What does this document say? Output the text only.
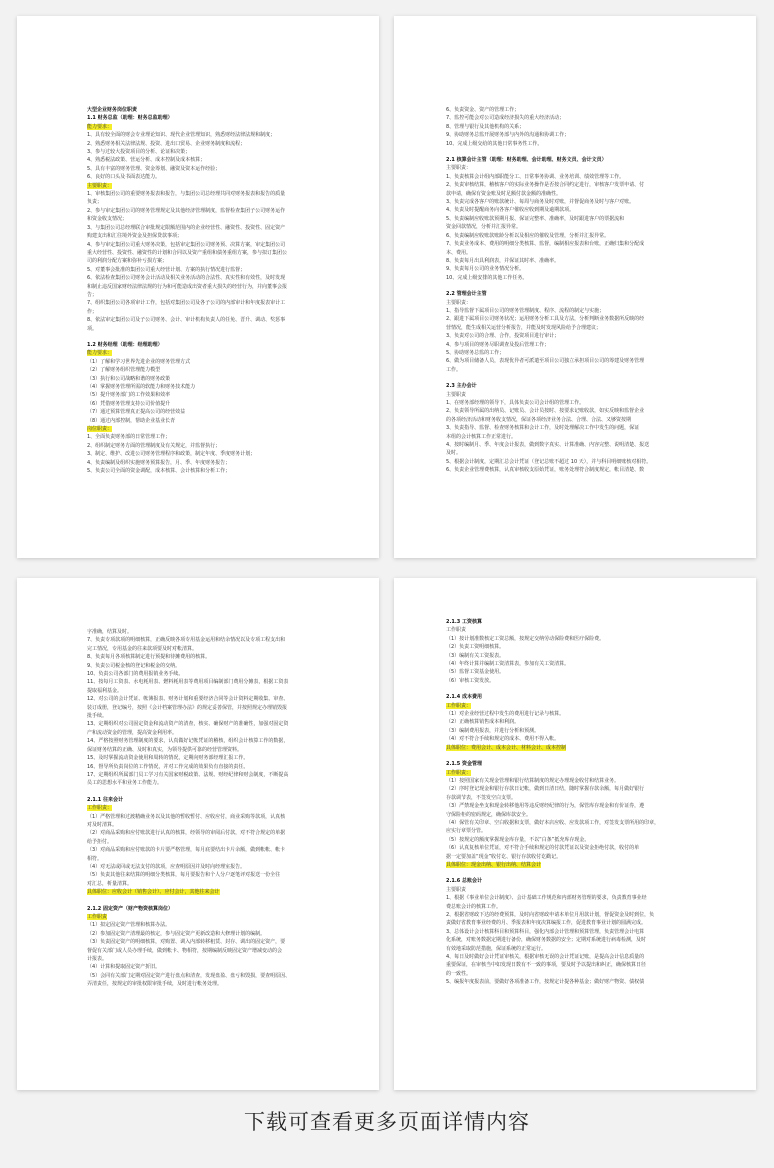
大型企业财务岗位职责

1.1 财务总监（助理：财务总监助理）

能力要求：

1、具有较全面的财会专业理论知识、现代企业管理知识，熟悉财经法律法规和制度；

2、熟悉财务相关法律法规、投资、进出口贸易、企业财务制度和流程；

3、参与过较大投资项目的分析、论证和决策；

4、熟悉税法政策、营运分析、成本控制及成本核算；

5、具有丰富的财务管理、资金筹划、融资及资本运作经验；

6、良好的口头及书面表达能力。

主要职责：

1、审核集团公司的重要财务报表和报告，与集团公司总经理共同对财务报表和报告的质量

负责；

2、参与审定集团公司的财务管理规定及其他经济管理制度，监督检查集团子公司财务运作

和资金收支情况；

3、与集团公司总经理联合审批规定限额范围内的企业经营性、融资性、投资性、固定资产

购建支出和汇往境外资金及担保贷款事项；

4、参与审定集团公司重大财务决策，包括审定集团公司财务预、决算方案，审定集团公司

重大经营性、投资性、融资性的计划和合同以及资产重组和债务重组方案，参与拟订集团公

司的利润分配方案和弥补亏损方案；

5、对董事会批准的集团公司重大经营计划、方案的执行情况进行监督；

6、依法检查集团公司财务会计活动及相关业务活动的合法性、真实性和有效性，及时发现

和制止违反国家财经法律法规的行为和可能造成出资者重大损失的经营行为，并向董事会报

告；

7、组织集团公司各项审计工作，包括对集团公司及各子公司的内部审计和年度报表审计工

作；

8、依法审定集团公司及子公司财务、会计、审计机构负责人的任免、晋升、调动、奖惩事

项。

1.2 财务经理（助理：经理助理）

能力要求：

（1）了解和学习世界先进企业的财务管理方式

（2）了解财务组织管理能力模型

（3）执行和公司战略和谐的财务政策

（4）掌握财务管理所需的软能力和财务技术能力

（5）提升财务部门的工作效果和效率

（6）凭借财务管理支持公司价值提升

（7）通过预算管理真正提高公司的经营效益

（8）通过内部控制，帮助企业基业长青

岗位职责：

1、全面负责财务部的日常管理工作；

2、组织制定财务方面的管理制度及有关规定，并监督执行；

3、制定、维护、改进公司财务管理程序和政策，制定年度、季度财务计划；

4、负责编制及组织实施财务预算报告，月、季、年度财务报告；

5、负责公司全面的资金调配，成本核算、会计核算和分析工作；

6、负责资金、资产的管理工作；

7、监控可能会对公司造成经济损失的重大经济活动；

8、管理与银行及其他机构的关系；

9、协助财务总监开展财务部与内外的沟通和协调工作；

10、完成上级交给的其他日常事务性工作。

2.1 核算会计主管（助理：财务助理、会计助理、财务文员、会计文员）

主要职责：

1、负责核算会计组内部职能分工、日常事务协调、业务培训、绩效管理等工作。

2、负责审核结算，稽核客户的实际业务操作是否按合同约定进行，审核客户发票申请、付

款申请，确保有资金账及时足额付款金额的准确性。

3、负责完成各客户的账款统计、每周与商务及时对账，并督促商务及时与客户对账。

4、负责及时提醒商务向各客户催收应收到期及逾期款项。

5、负责编制应收账款预期月报、保证完整率、准确率，及时跟进客户的票据流和

资金回款情况，分析并汇报异常。

6、负责编制应收账款账龄分析以及相应的催收及管理，分析并汇报异常。

7、负责业务成本、费用的明细分类核算、监督，编制相应报表和台账，正确归集和分配成

本、费用。

8、负责每月出具利润表，并保证其时率、准确率。

9、负责每月公司的业务情况分析。

10、完成上级安排的其他工作任务。

2.2 管理会计主管

主要职责：

1、指导监督下属项目公司的财务管理制度、程序、流程的制定与实施；

2、跟进下属项目公司财务状况；运用财务分析工具及方法，分析判断业务数据所反映的经

营情况，能生成相关运营分析报告，并能及时发现风险给予合理建议；

3、负责对公司的合理、合作，投资项目进行审计；

4、参与项目的财务尽职调查及投后管理工作；

5、协助财务总监的工作；

6、做为项目储备人员，表现优异者可派遣至项目公司独立承担项目公司的筹建及财务管理

工作。

2.3 主办会计

主要职责

1、在财务部经理的领导下，具体负责公司会计组的管理工作。

2、负责领导所属的出纳员、记账员、会计员按时、按要求记账收款，如实反映和监督企业

的各项经济活动和财务收支情况，保证各项经济业务合法、合理、合法、又够资按期

3、负责指导、监督、检查财务核算和会计工作，及时处理解决工作中发生的问题，保证

本组的会计核算工作正常进行。

4、按时编制月、季、年度会计报表，做到数字真实、计算准确、内容完整、说明清楚、报送

及时。

5、根据会计制度，定期汇总会计凭证（登记总账不超过 10 天），并与科目明细账核对相符。

6、负责企业管理费核算，认真审核收支原始凭证，账务处理符合制度规定，帐目清楚、数

字准确，结算及时。

7、负责专项款项的明细核算，正确反映各项专用基金运用和结余情况以及专项工程支出和

完工情况，专用基金的往来款项要及时对帐清算。

8、负责每月各项核算制定进行预提和待摊费用的核算。

9、负责公司税金核的登记和税金的交纳。

10、负责公司各部门的费用报销业务手续。

11、按每月工资表、水电耗用表、燃料耗用表等费用项目编制部门费用分摊表，根据工资表

提取福利基金。

12、对公司的会计凭证、帐簿报表、财务计划和重要经济合同等会计资料定期收集、审查、

装订成册，登记编号，按照《会计档案管理办法》的规定妥善保管，并按照规定办理销毁报

批手续。

13、定期组织对公司固定资金和流动资产的清查，核实、确保财产的准确性，加强对固定资

产和流动资金的管理，提高资金利用率。

14、严格按照财务管理制度的要求，认真做好记帐凭证的稽核，组织会计核算工作的数据，

保证财务结算的正确、及时和真实，为领导提供可靠的经营管理资料。

15、及时掌握流动资金使用和周转的情况，定期向财务部经理汇报工作。

16、督导所负责岗位的工作情况，并对工作完成的效果负有直接的责任。

17、定期组织所属部门员工学习有关国家财税政策、法规、财经纪律和财会制度，不断提高

员工的思想水平和业务工作能力。

2.1.1 往来会计

工作职责：

（1）严格管理和过渡精确业务以及其他的暂收暂付、应收应付，商业采购等款项，认真核

对及时清算。

（2）对商品采购和应付账款进行认真的核算，经领导的审阅后付款，对不符合规定的单据

给予拒付。

（3）对商品采购和应付账款的卡片要严格管理，每月底要结出卡片余额，做到帐帐、帐卡

相符。

（4）对无法或回或无法支付的款项，应查明原因并及时向经理室报告。

（5）负责其他往来结算的明细分类核算，每月要报告和个人分户逐笔评对报送一份全往

对汇总，析量清算。

具体职位：应收会计（销售会计）、应付会计，其他往来会计

2.1.2 固定资产（财产物资核算岗位）

工作职责

（1）拟定固定资产管理和核算办法。

（2）参加固定资产清理最的核定，参与固定资产更新改造和大修理计划的编制。

（3）负责固定资产的明细核算，对购置、调入内部转移租赁、封存、调出的固定资产，要

督促有关部门或人员办理手续，做到帐卡、物相符，按期编制反映固定资产增减变动的会

计报表。

（4）计算和提取固定资产折旧。

（5）会同有关部门定期对固定资产进行盘点和清查，发现盘盈、盘亏和毁损，要查明原因、

弄清责任，按规定的审批权限审批手续，及时进行帐务处理。

2.1.3 工资核算

工作职责

（1）按计划准数核定工资总额，按规定交纳劳动保险费和医疗保险费。

（2）负责工资明细核算。

（3）编制有关工资报表。

（4）年终计算并编制工资清算表，参加有关工资清算。

（5）监督工资基金使用。

（6）审核工资发放。

2.1.4 成本费用

工作职责：

（1）对企业经营过程中发生的费用进行记录与核算。

（2）正确核算销售成本和利润。

（3）编制费用报表，并进行分析和预测。

（4）对不符合手续和规定的成本、费用不得入帐。

具体职位：费用会计、成本会计、材料会计、成本控制

2.1.5 资金管理

工作职责：

（1）按照国家有关现金管理和银行结算制度的规定办理现金收付和结算业务。

（2）序时登记现金和银行存款日记帐，做到日清日结，随时掌握存款余额，每月做好银行

存款调节表，不签发空白支票。

（3）严禁现金坐支和现金转移他用等违反财经纪律的行为，保管库存现金和有价证券，遵

守保险柜的密码规定，确保库款安全。

（4）保管有关印章、空白收据和支票，做好本店应收、应发款项工作，对签发支票所用的印章，

应实行章票分管。

（5）按规定的额度掌握现金库存量，不以“白条”抵充库存现金。

（6）认真复核单位凭证，对不符合手续和规定的付款凭证以及资金拒绝付款，收付的单

据一定要加盖“现金”收付讫、银行存款收付讫戳记。

具体职位：现金出纳、银行出纳、结算会计

2.1.6 总账会计

主要职责

1、根据《事业单位会计制度》、会计基础工作规范和内部财务管理的要求，负责教育事业经

费总账会计的核算工作。

2、根据省财政下达的经费预算，及时向省财政申请本单位月用款计划，督促资金及时到位，负

责做好省教育事业经费的月、季报表和年度决算编报工作，促进教育事业计划的圆满完成。

3、总体设计会计核算科目和预算科目，强化内部会计管理和预算管理，负责管理会计电算

化系统，对账务数据定期进行备份，确保财务数据的安全；定期对系统进行病毒检测，及时

有效地采取防范措施，保证系统的正常运行。

4、每日及时做好会计凭证审核关，根据审核无误的会计凭证记账，是提高会计信息质量的

重要保证，在审核当中如发现日数有不一致的事项，要及时予以提出和纠正，确保核算日径

的一致性。

5、编报年度报表前，要做好各项准备工作，按规定计提各种基金；做好财产物资、债权债

下载可查看更多页面详情内容
